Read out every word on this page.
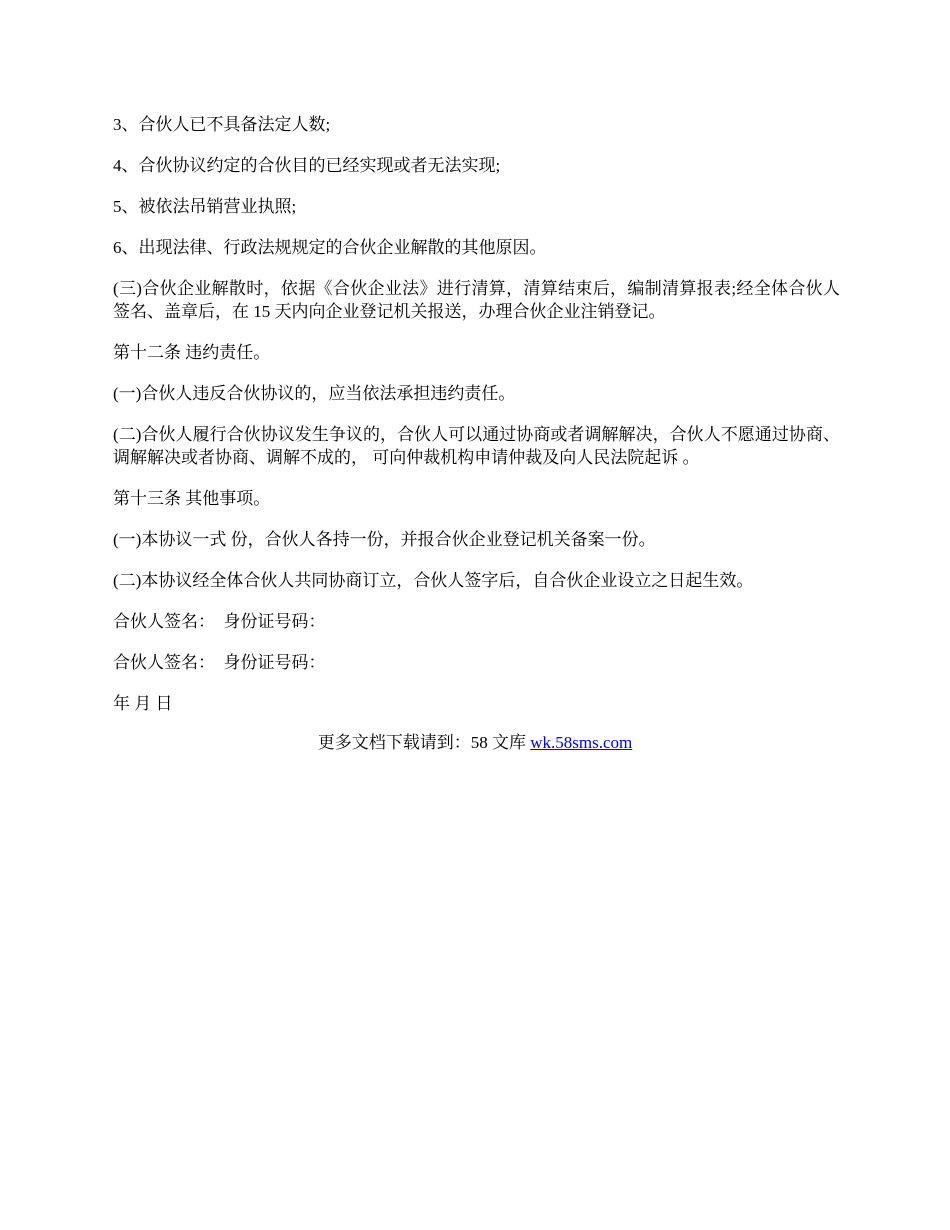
3、合伙人已不具备法定人数;

4、合伙协议约定的合伙目的已经实现或者无法实现;

5、被依法吊销营业执照;

6、出现法律、行政法规规定的合伙企业解散的其他原因。

(三)合伙企业解散时，依据《合伙企业法》进行清算，清算结束后，编制清算报表;经全体合伙人签名、盖章后，在 15 天内向企业登记机关报送，办理合伙企业注销登记。

第十二条 违约责任。

(一)合伙人违反合伙协议的，应当依法承担违约责任。

(二)合伙人履行合伙协议发生争议的，合伙人可以通过协商或者调解解决，合伙人不愿通过协商、调解解决或者协商、调解不成的， 可向仲裁机构申请仲裁及向人民法院起诉 。

第十三条 其他事项。

(一)本协议一式 份，合伙人各持一份，并报合伙企业登记机关备案一份。

(二)本协议经全体合伙人共同协商订立，合伙人签字后，自合伙企业设立之日起生效。

合伙人签名：  身份证号码：

合伙人签名：  身份证号码：

年 月 日

更多文档下载请到：58 文库 wk.58sms.com
